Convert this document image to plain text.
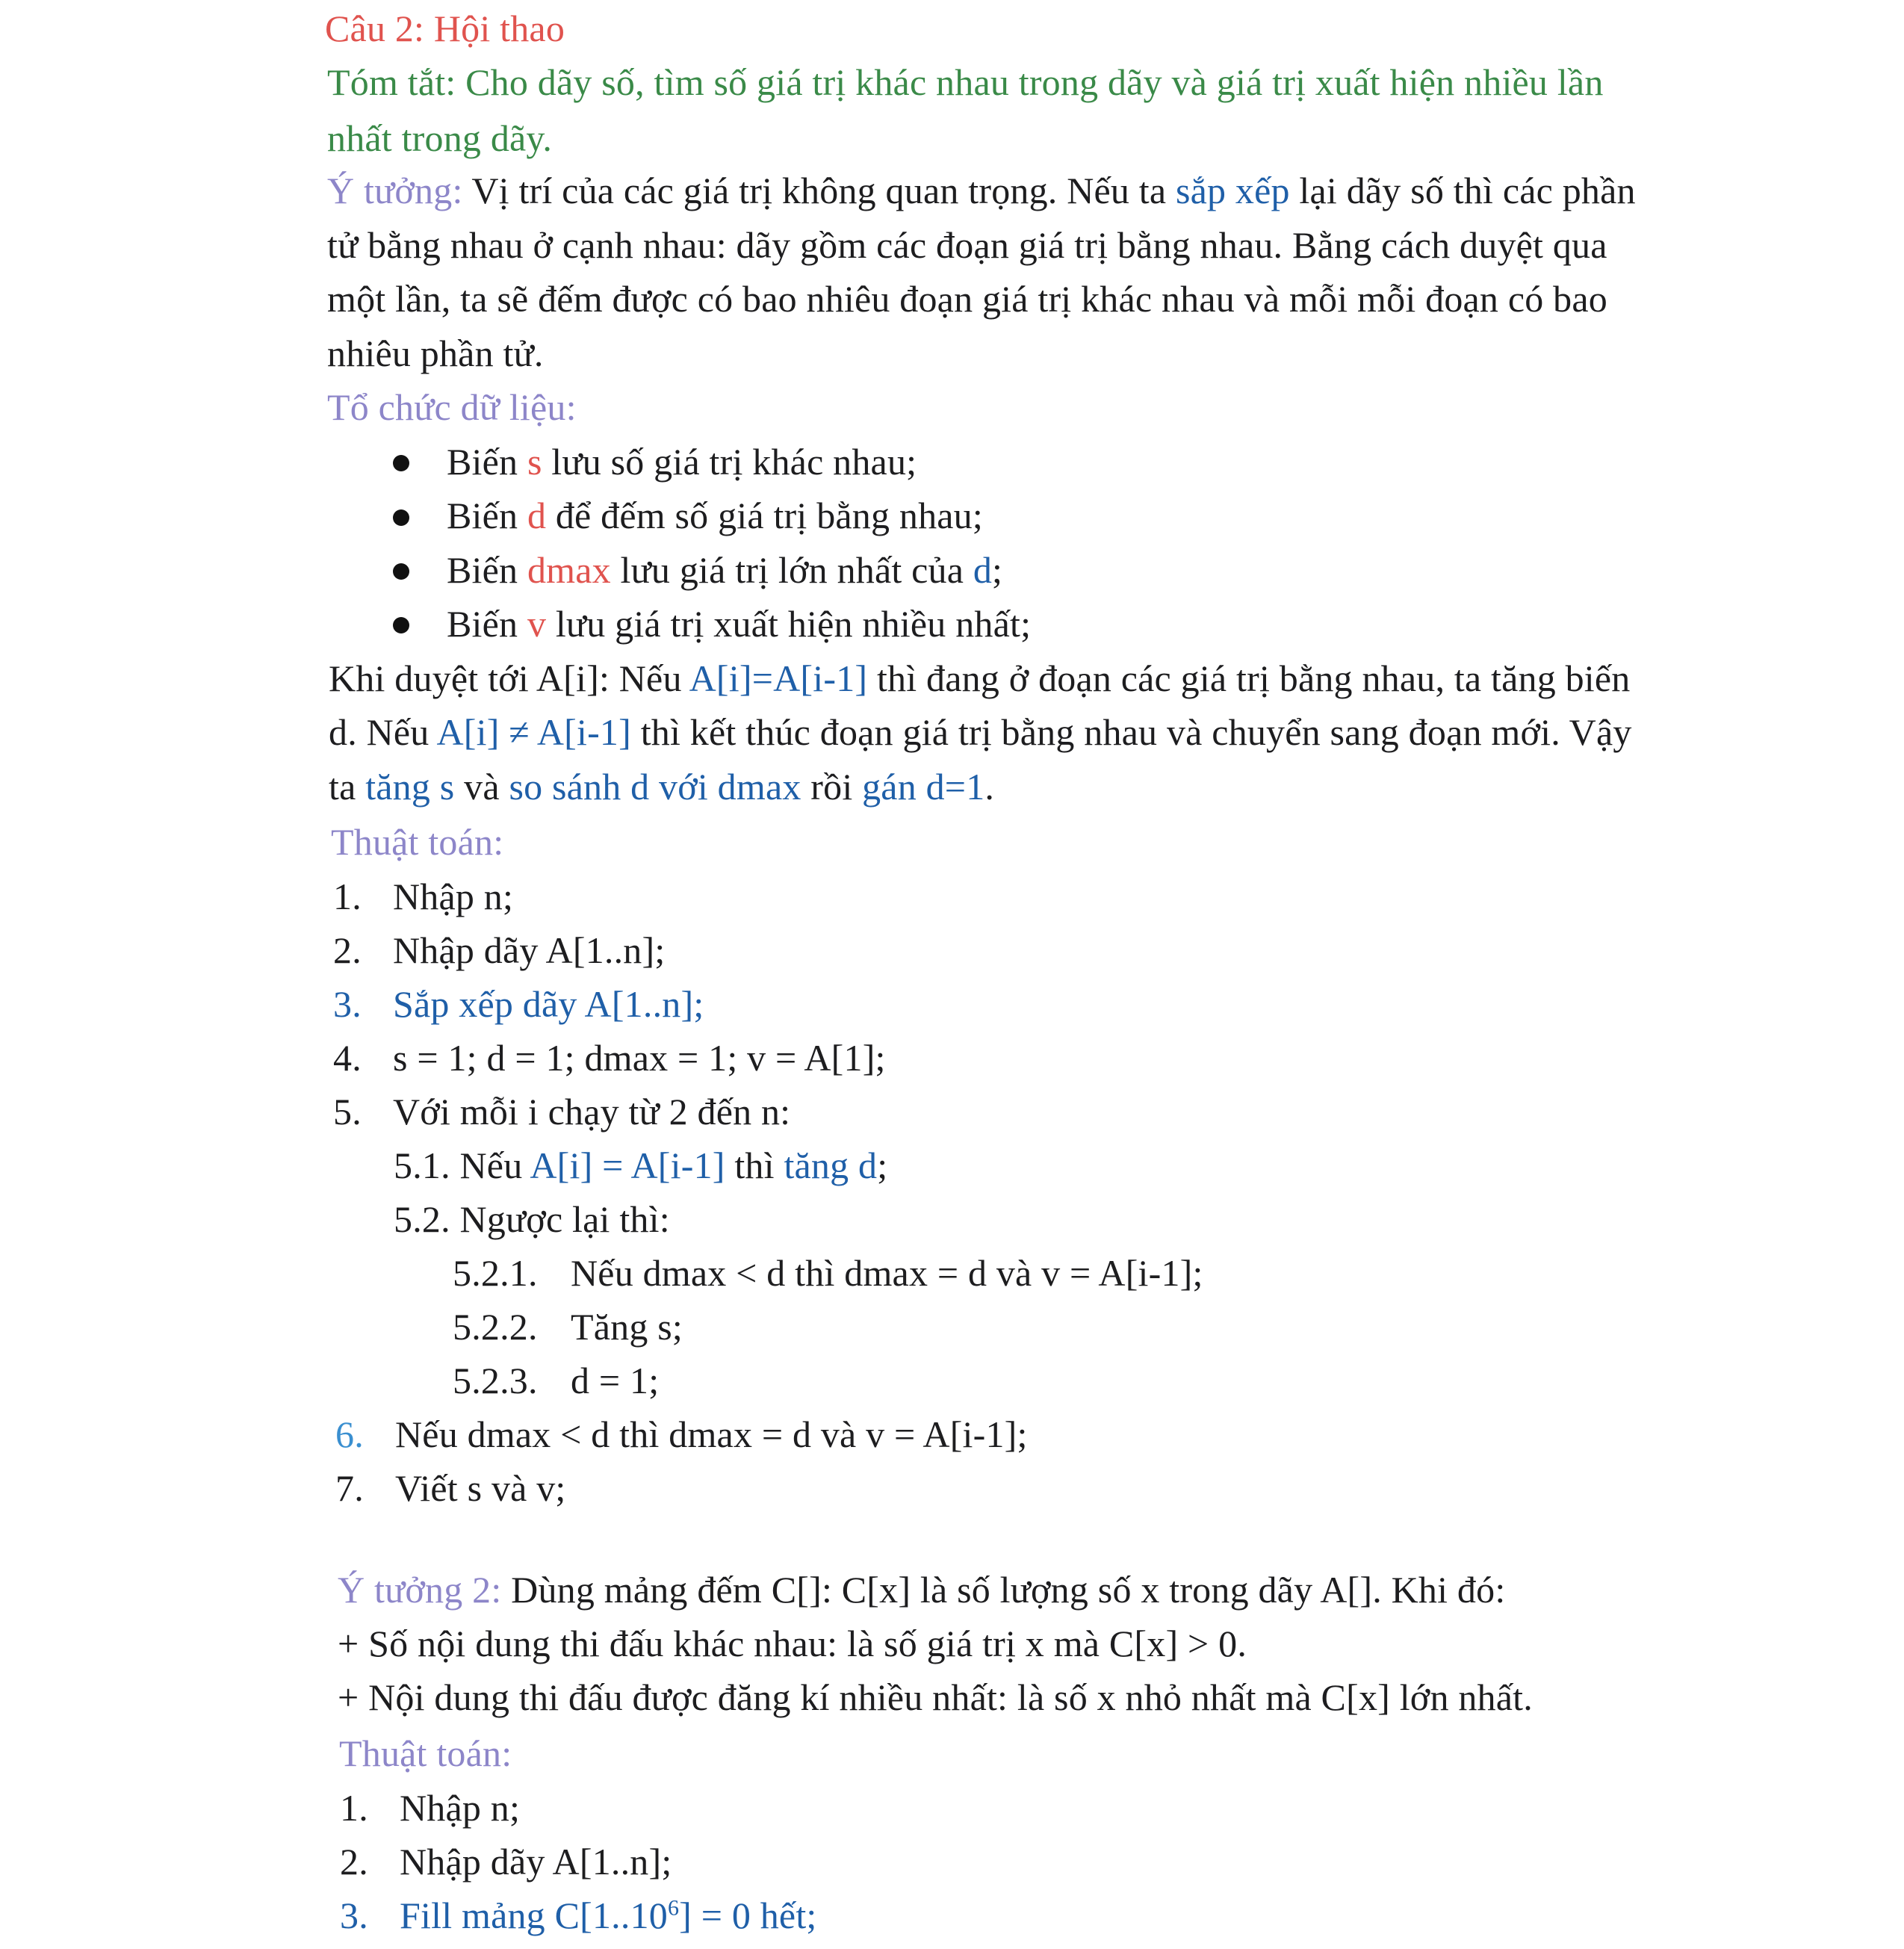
Câu 2: Hội thao
Tóm tắt: Cho dãy số, tìm số giá trị khác nhau trong dãy và giá trị xuất hiện nhiều lần
nhất trong dãy.
Ý tưởng: Vị trí của các giá trị không quan trọng. Nếu ta sắp xếp lại dãy số thì các phần
tử bằng nhau ở cạnh nhau: dãy gồm các đoạn giá trị bằng nhau. Bằng cách duyệt qua
một lần, ta sẽ đếm được có bao nhiêu đoạn giá trị khác nhau và mỗi mỗi đoạn có bao
nhiêu phần tử.
Tổ chức dữ liệu:
Biến s lưu số giá trị khác nhau;
Biến d để đếm số giá trị bằng nhau;
Biến dmax lưu giá trị lớn nhất của d;
Biến v lưu giá trị xuất hiện nhiều nhất;
Khi duyệt tới A[i]: Nếu A[i]=A[i-1] thì đang ở đoạn các giá trị bằng nhau, ta tăng biến
d. Nếu A[i] ≠ A[i-1] thì kết thúc đoạn giá trị bằng nhau và chuyển sang đoạn mới. Vậy
ta tăng s và so sánh d với dmax rồi gán d=1.
Thuật toán:
1. Nhập n;
2. Nhập dãy A[1..n];
3. Sắp xếp dãy A[1..n];
4. s = 1; d = 1; dmax = 1; v = A[1];
5. Với mỗi i chạy từ 2 đến n:
5.1. Nếu A[i] = A[i-1] thì tăng d;
5.2. Ngược lại thì:
5.2.1. Nếu dmax < d thì dmax = d và v = A[i-1];
5.2.2. Tăng s;
5.2.3. d = 1;
6. Nếu dmax < d thì dmax = d và v = A[i-1];
7. Viết s và v;
Ý tưởng 2: Dùng mảng đếm C[]: C[x] là số lượng số x trong dãy A[]. Khi đó:
+ Số nội dung thi đấu khác nhau: là số giá trị x mà C[x] > 0.
+ Nội dung thi đấu được đăng kí nhiều nhất: là số x nhỏ nhất mà C[x] lớn nhất.
Thuật toán:
1. Nhập n;
2. Nhập dãy A[1..n];
3. Fill mảng $C[1..10^6] = 0$ hết;
